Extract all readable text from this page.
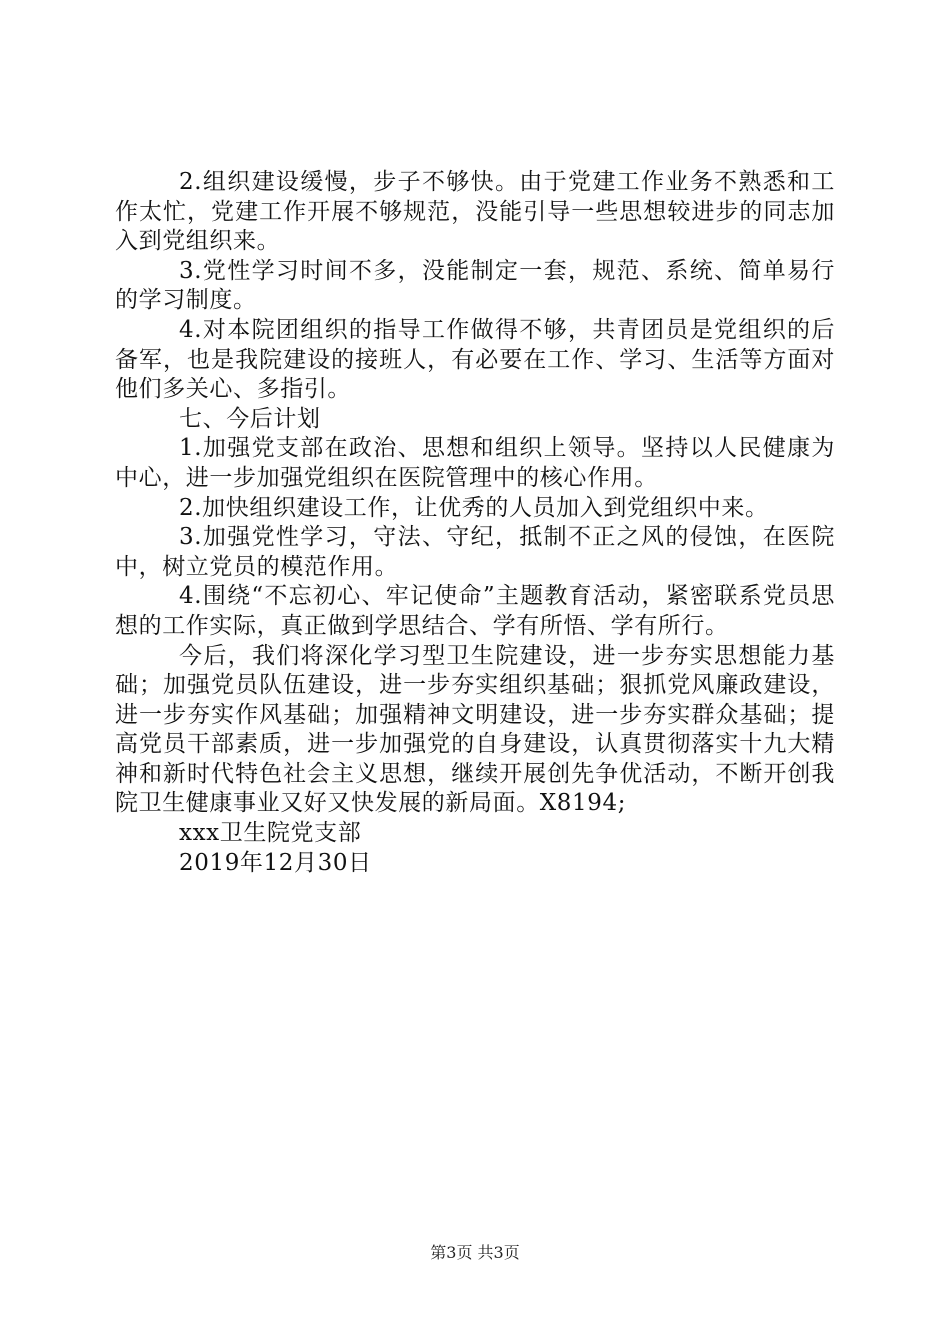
2.组织建设缓慢，步子不够快。由于党建工作业务不熟悉和工作太忙，党建工作开展不够规范，没能引导一些思想较进步的同志加入到党组织来。

3.党性学习时间不多，没能制定一套，规范、系统、简单易行的学习制度。

4.对本院团组织的指导工作做得不够，共青团员是党组织的后备军，也是我院建设的接班人，有必要在工作、学习、生活等方面对他们多关心、多指引。

七、今后计划

1.加强党支部在政治、思想和组织上领导。坚持以人民健康为中心，进一步加强党组织在医院管理中的核心作用。

2.加快组织建设工作，让优秀的人员加入到党组织中来。

3.加强党性学习，守法、守纪，抵制不正之风的侵蚀，在医院中，树立党员的模范作用。

4.围绕“不忘初心、牢记使命”主题教育活动，紧密联系党员思想的工作实际，真正做到学思结合、学有所悟、学有所行。

今后，我们将深化学习型卫生院建设，进一步夯实思想能力基础；加强党员队伍建设，进一步夯实组织基础；狠抓党风廉政建设，进一步夯实作风基础；加强精神文明建设，进一步夯实群众基础；提高党员干部素质，进一步加强党的自身建设，认真贯彻落实十九大精神和新时代特色社会主义思想，继续开展创先争优活动，不断开创我院卫生健康事业又好又快发展的新局面。X8194;

xxx卫生院党支部

2019年12月30日

第3页 共3页
